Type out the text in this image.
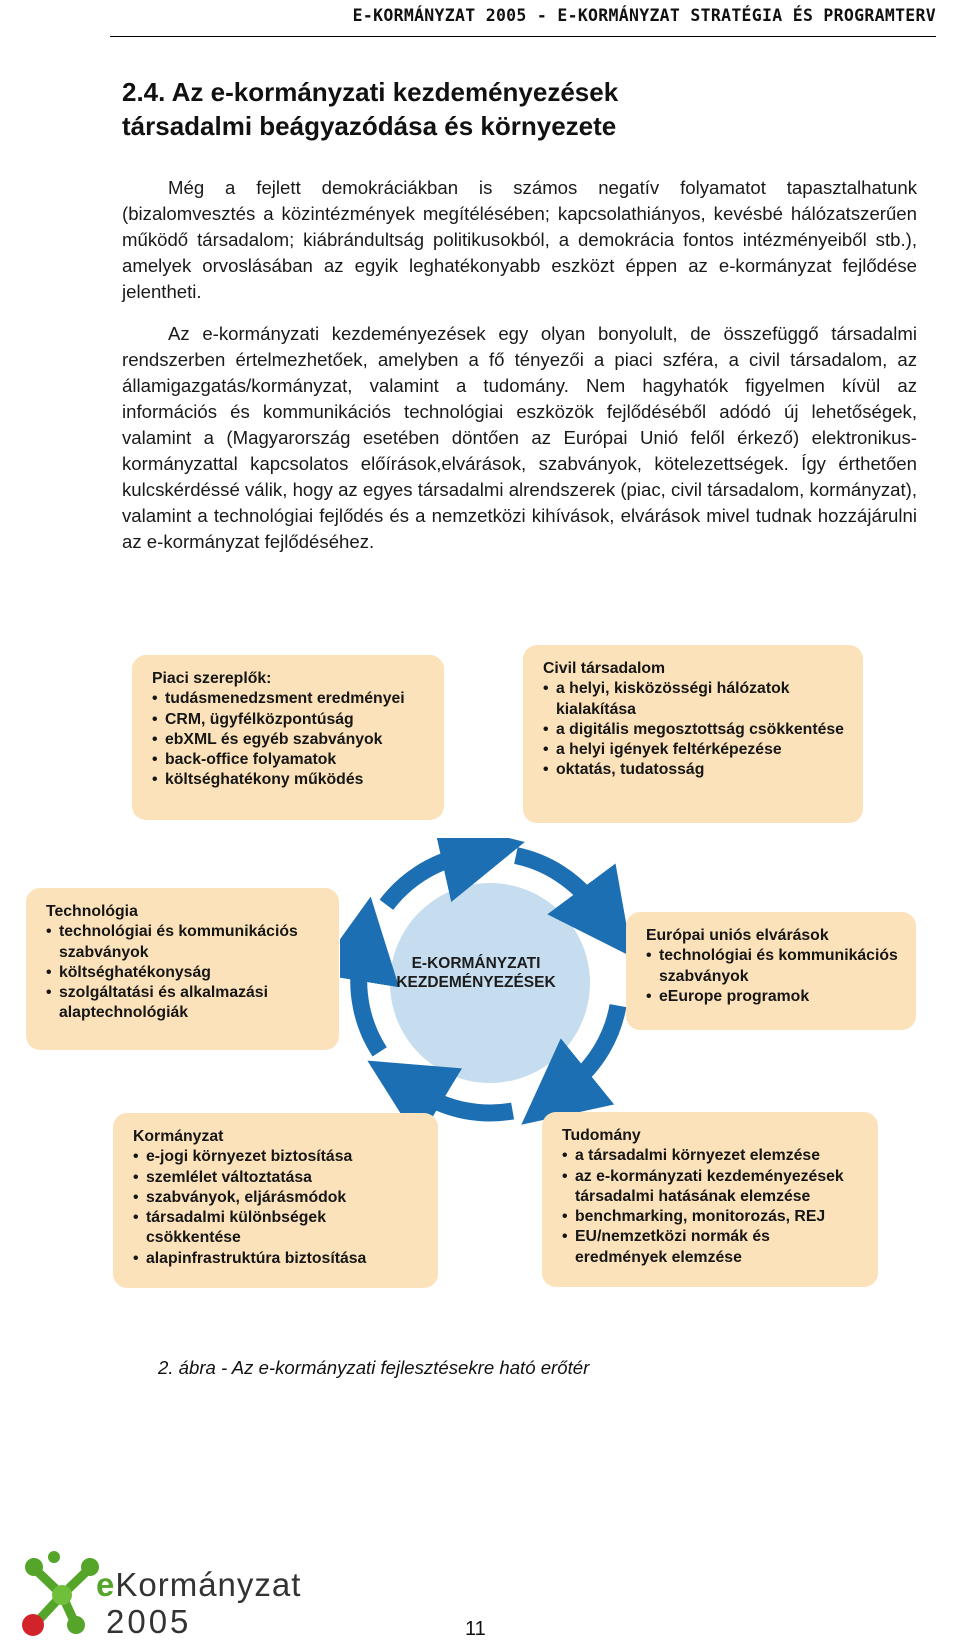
E-KORMÁNYZAT 2005 - E-KORMÁNYZAT STRATÉGIA ÉS PROGRAMTERV
2.4. Az e-kormányzati kezdeményezések
társadalmi beágyazódása és környezete

Még a fejlett demokráciákban is számos negatív folyamatot tapasztalhatunk (bizalomvesztés a közintézmények megítélésében; kapcsolathiányos, kevésbé hálózatszerűen működő társadalom; kiábrándultság politikusokból, a demokrácia fontos intézményeiből stb.), amelyek orvoslásában az egyik leghatékonyabb eszközt éppen az e-kormányzat fejlődése jelentheti.

Az e-kormányzati kezdeményezések egy olyan bonyolult, de összefüggő társadalmi rendszerben értelmezhetőek, amelyben a fő tényezői a piaci szféra, a civil társadalom, az államigazgatás/kormányzat, valamint a tudomány. Nem hagyhatók figyelmen kívül az információs és kommunikációs technológiai eszközök fejlődéséből adódó új lehetőségek, valamint a (Magyarország esetében döntően az Európai Unió felől érkező) elektronikus-kormányzattal kapcsolatos előírások,elvárások, szabványok, kötelezettségek. Így érthetően kulcskérdéssé válik, hogy az egyes társadalmi alrendszerek (piac, civil társadalom, kormányzat), valamint a technológiai fejlődés és a nemzetközi kihívások, elvárások mivel tudnak hozzájárulni az e-kormányzat fejlődéséhez.

E-KORMÁNYZATI
KEZDEMÉNYEZÉSEK
Piaci szereplők:
• tudásmenedzsment eredményei
• CRM, ügyfélközpontúság
• ebXML és egyéb szabványok
• back-office folyamatok
• költséghatékony működés
Civil társadalom
• a helyi, kisközösségi hálózatok kialakítása
• a digitális megosztottság csökkentése
• a helyi igények feltérképezése
• oktatás, tudatosság
Technológia
• technológiai és kommunikációs szabványok
• költséghatékonyság
• szolgáltatási és alkalmazási alaptechnológiák
Európai uniós elvárások
• technológiai és kommunikációs szabványok
• eEurope programok
Kormányzat
• e-jogi környezet biztosítása
• szemlélet változtatása
• szabványok, eljárásmódok
• társadalmi különbségek csökkentése
• alapinfrastruktúra biztosítása
Tudomány
• a társadalmi környezet elemzése
• az e-kormányzati kezdeményezések társadalmi hatásának elemzése
• benchmarking, monitorozás, REJ
• EU/nemzetközi normák és eredmények elemzése
2. ábra - Az e-kormányzati fejlesztésekre ható erőtér
eKormányzat
2005	11
